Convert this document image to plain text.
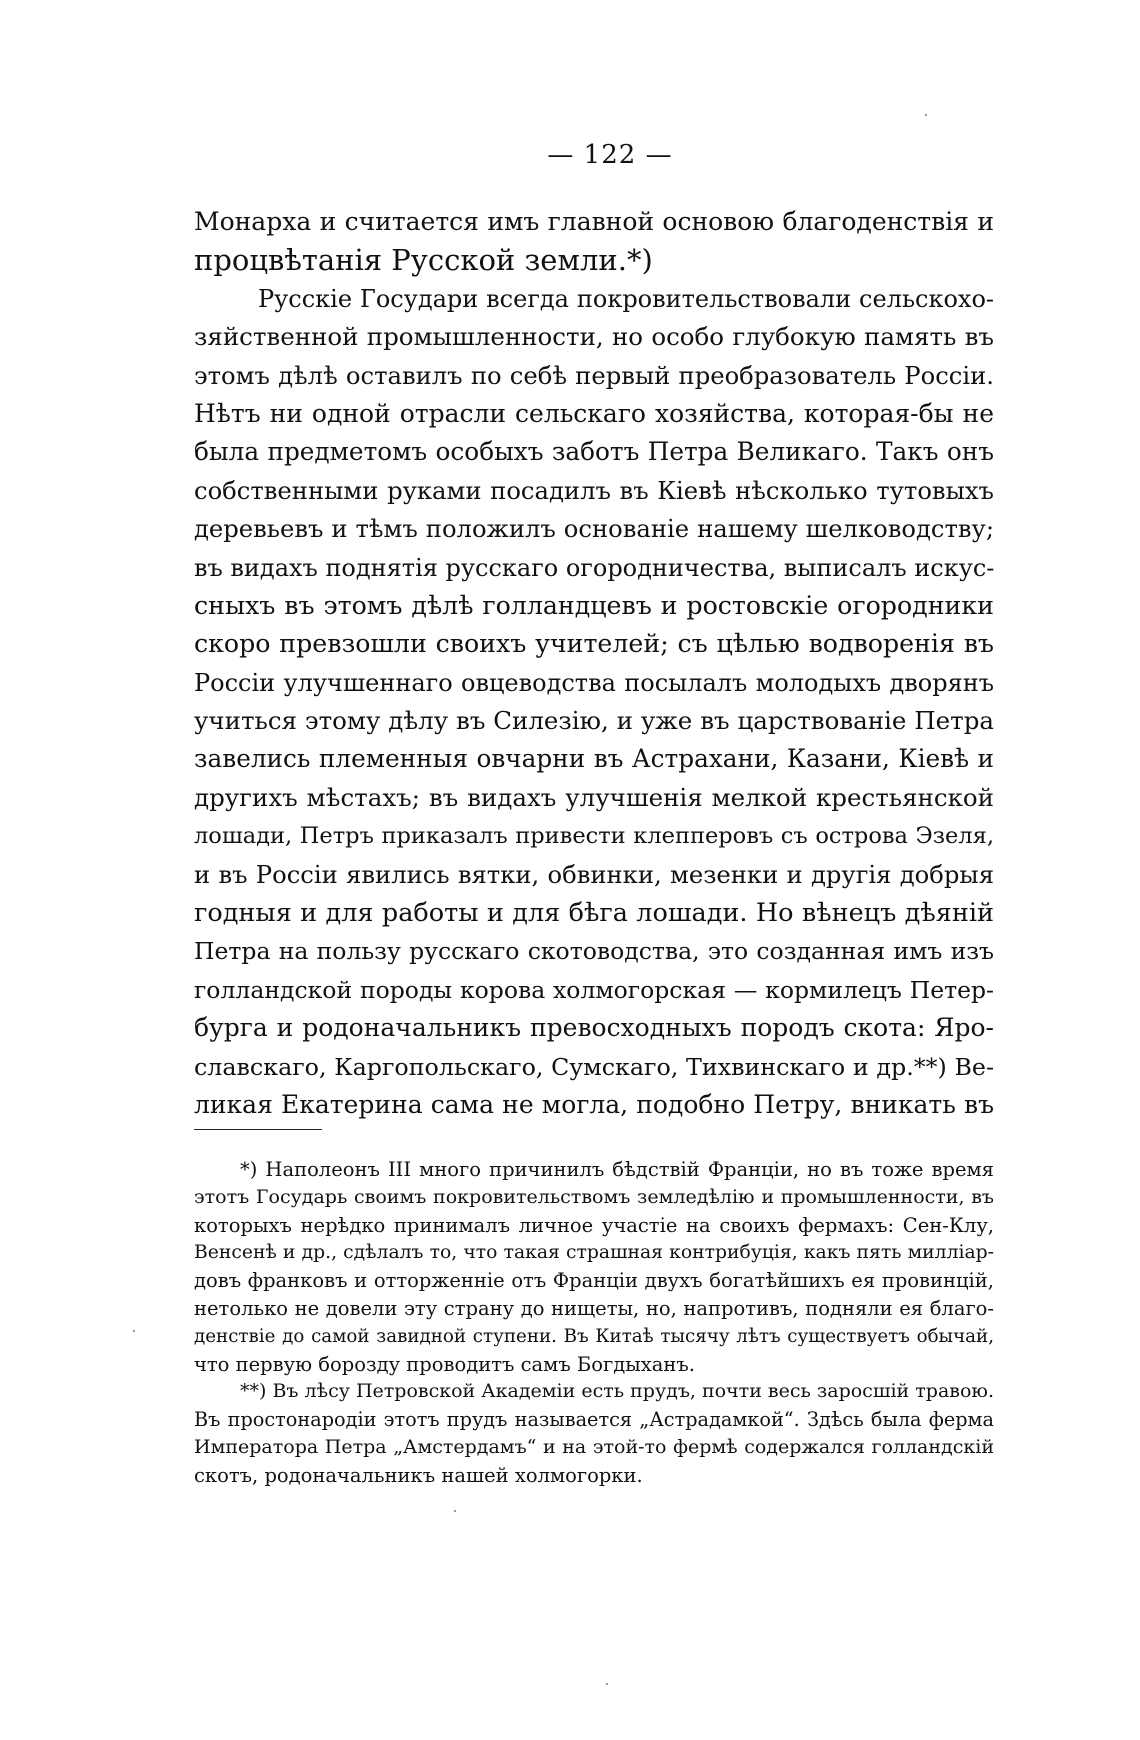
— 122 —
Монарха и считается имъ главной основою благоденствія и
процвѣтанія Русской земли.*)
Русскіе Государи всегда покровительствовали сельскохо-
зяйственной промышленности, но особо глубокую память въ
этомъ дѣлѣ оставилъ по себѣ первый преобразователь Россіи.
Нѣтъ ни одной отрасли сельскаго хозяйства, которая-бы не
была предметомъ особыхъ заботъ Петра Великаго. Такъ онъ
собственными руками посадилъ въ Кіевѣ нѣсколько тутовыхъ
деревьевъ и тѣмъ положилъ основаніе нашему шелководству;
въ видахъ поднятія русскаго огородничества, выписалъ искус-
сныхъ въ этомъ дѣлѣ голландцевъ и ростовскіе огородники
скоро превзошли своихъ учителей; съ цѣлью водворенія въ
Россіи улучшеннаго овцеводства посылалъ молодыхъ дворянъ
учиться этому дѣлу въ Силезію, и уже въ царствованіе Петра
завелись племенныя овчарни въ Астрахани, Казани, Кіевѣ и
другихъ мѣстахъ; въ видахъ улучшенія мелкой крестьянской
лошади, Петръ приказалъ привести клепперовъ съ острова Эзеля,
и въ Россіи явились вятки, обвинки, мезенки и другія добрыя
годныя и для работы и для бѣга лошади. Но вѣнецъ дѣяній
Петра на пользу русскаго скотоводства, это созданная имъ изъ
голландской породы корова холмогорская — кормилецъ Петер-
бурга и родоначальникъ превосходныхъ породъ скота: Яро-
славскаго, Каргопольскаго, Сумскаго, Тихвинскаго и др.**) Ве-
ликая Екатерина сама не могла, подобно Петру, вникать въ
*) Наполеонъ III много причинилъ бѣдствій Франціи, но въ тоже время
этотъ Государь своимъ покровительствомъ земледѣлію и промышленности, въ
которыхъ нерѣдко принималъ личное участіе на своихъ фермахъ: Сен-Клу,
Венсенѣ и др., сдѣлалъ то, что такая страшная контрибуція, какъ пять милліар-
довъ франковъ и отторженніе отъ Франціи двухъ богатѣйшихъ ея провинцій,
нетолько не довели эту страну до нищеты, но, напротивъ, подняли ея благо-
денствіе до самой завидной ступени. Въ Китаѣ тысячу лѣтъ существуетъ обычай,
что первую борозду проводитъ самъ Богдыханъ.
**) Въ лѣсу Петровской Академіи есть прудъ, почти весь заросшій травою.
Въ простонародіи этотъ прудъ называется „Астрадамкой“. Здѣсь была ферма
Императора Петра „Амстердамъ“ и на этой-то фермѣ содержался голландскій
скотъ, родоначальникъ нашей холмогорки.
